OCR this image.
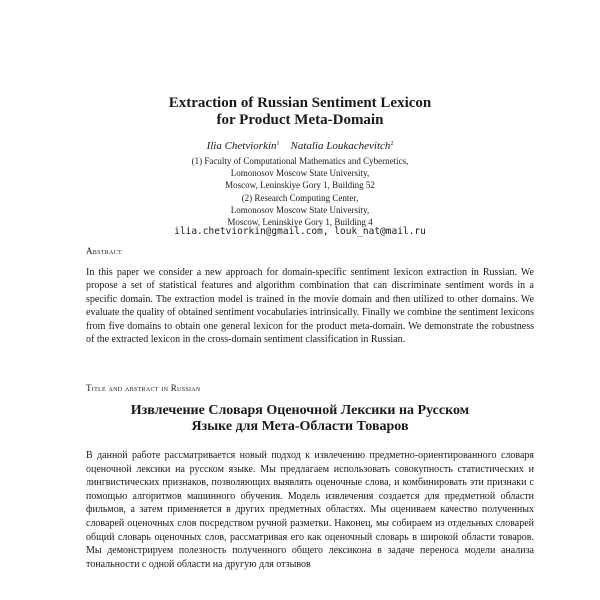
Extraction of Russian Sentiment Lexicon
for Product Meta-Domain
Ilia Chetviorkin$^1$ Natalia Loukachevitch$^2$
(1) Faculty of Computational Mathematics and Cybernetics,
Lomonosov Moscow State University,
Moscow, Leninskiye Gory 1, Building 52
(2) Research Computing Center,
Lomonosov Moscow State University,
Moscow, Leninskiye Gory 1, Building 4
ilia.chetviorkin@gmail.com, louk_nat@mail.ru
Abstract

In this paper we consider a new approach for domain-specific sentiment lexicon extraction in Russian. We propose a set of statistical features and algorithm combination that can discriminate sentiment words in a specific domain. The extraction model is trained in the movie domain and then utilized to other domains. We evaluate the quality of obtained sentiment vocabularies intrinsically. Finally we combine the sentiment lexicons from five domains to obtain one general lexicon for the product meta-domain. We demonstrate the robustness of the extracted lexicon in the cross-domain sentiment classification in Russian.

Title and abstract in Russian
Извлечение Словаря Оценочной Лексики на Русском
Языке для Мета-Области Товаров

В данной работе рассматривается новый подход к извлечению предметно-ориентированного словаря оценочной лексики на русском языке. Мы предлагаем использовать совокупность статистических и лингвистических признаков, позволяющих выявлять оценочные слова, и комбинировать эти признаки с помощью алгоритмов машинного обучения. Модель извлечения создается для предметной области фильмов, а затем применяется в других предметных областях. Мы оцениваем качество полученных словарей оценочных слов посредством ручной разметки. Наконец, мы собираем из отдельных словарей общий словарь оценочных слов, рассматривая его как оценочный словарь в широкой области товаров. Мы демонстрируем полезность полученного общего лексикона в задаче переноса модели анализа тональности с одной области на другую для отзывов
